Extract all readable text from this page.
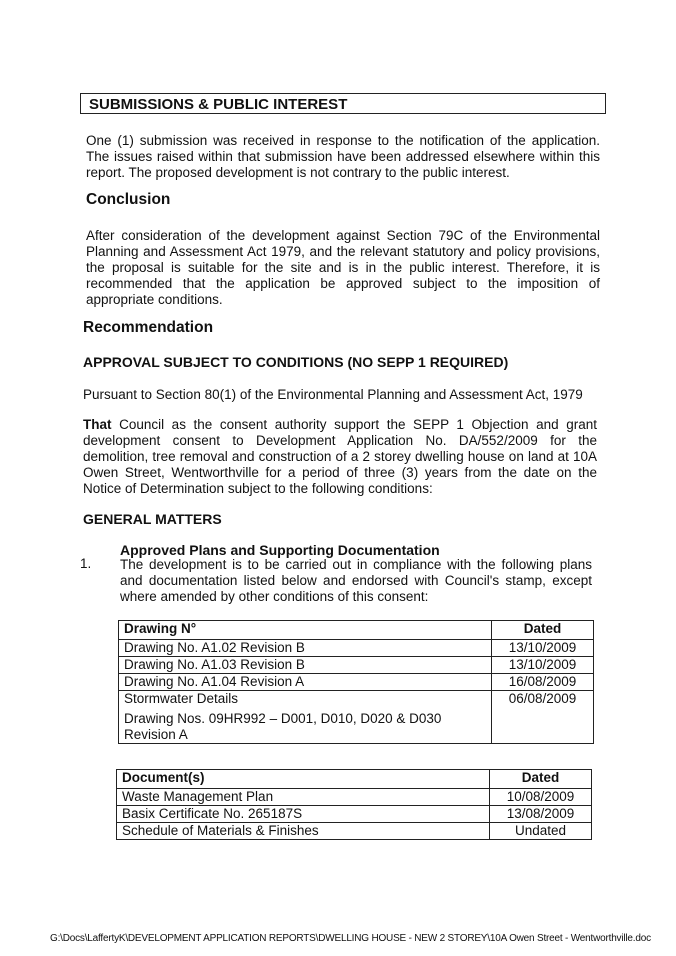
SUBMISSIONS & PUBLIC INTEREST
One (1) submission was received in response to the notification of the application. The issues raised within that submission have been addressed elsewhere within this report. The proposed development is not contrary to the public interest.
Conclusion
After consideration of the development against Section 79C of the Environmental Planning and Assessment Act 1979, and the relevant statutory and policy provisions, the proposal is suitable for the site and is in the public interest. Therefore, it is recommended that the application be approved subject to the imposition of appropriate conditions.
Recommendation
APPROVAL SUBJECT TO CONDITIONS (NO SEPP 1 REQUIRED)
Pursuant to Section 80(1) of the Environmental Planning and Assessment Act, 1979
That Council as the consent authority support the SEPP 1 Objection and grant development consent to Development Application No. DA/552/2009 for the demolition, tree removal and construction of a 2 storey dwelling house on land at 10A Owen Street, Wentworthville for a period of three (3) years from the date on the Notice of Determination subject to the following conditions:
GENERAL MATTERS
1.
Approved Plans and Supporting Documentation
The development is to be carried out in compliance with the following plans and documentation listed below and endorsed with Council's stamp, except where amended by other conditions of this consent:
Drawing N°	Dated
Drawing No. A1.02 Revision B	13/10/2009
Drawing No. A1.03 Revision B	13/10/2009
Drawing No. A1.04 Revision A	16/08/2009

Stormwater Details
Drawing Nos. 09HR992 – D001, D010, D020 & D030 Revision A	06/08/2009
Document(s)	Dated
Waste Management Plan	10/08/2009
Basix Certificate No. 265187S	13/08/2009
Schedule of Materials & Finishes	Undated
G:\Docs\LaffertyK\DEVELOPMENT APPLICATION REPORTS\DWELLING HOUSE - NEW 2 STOREY\10A Owen Street - Wentworthville.doc
